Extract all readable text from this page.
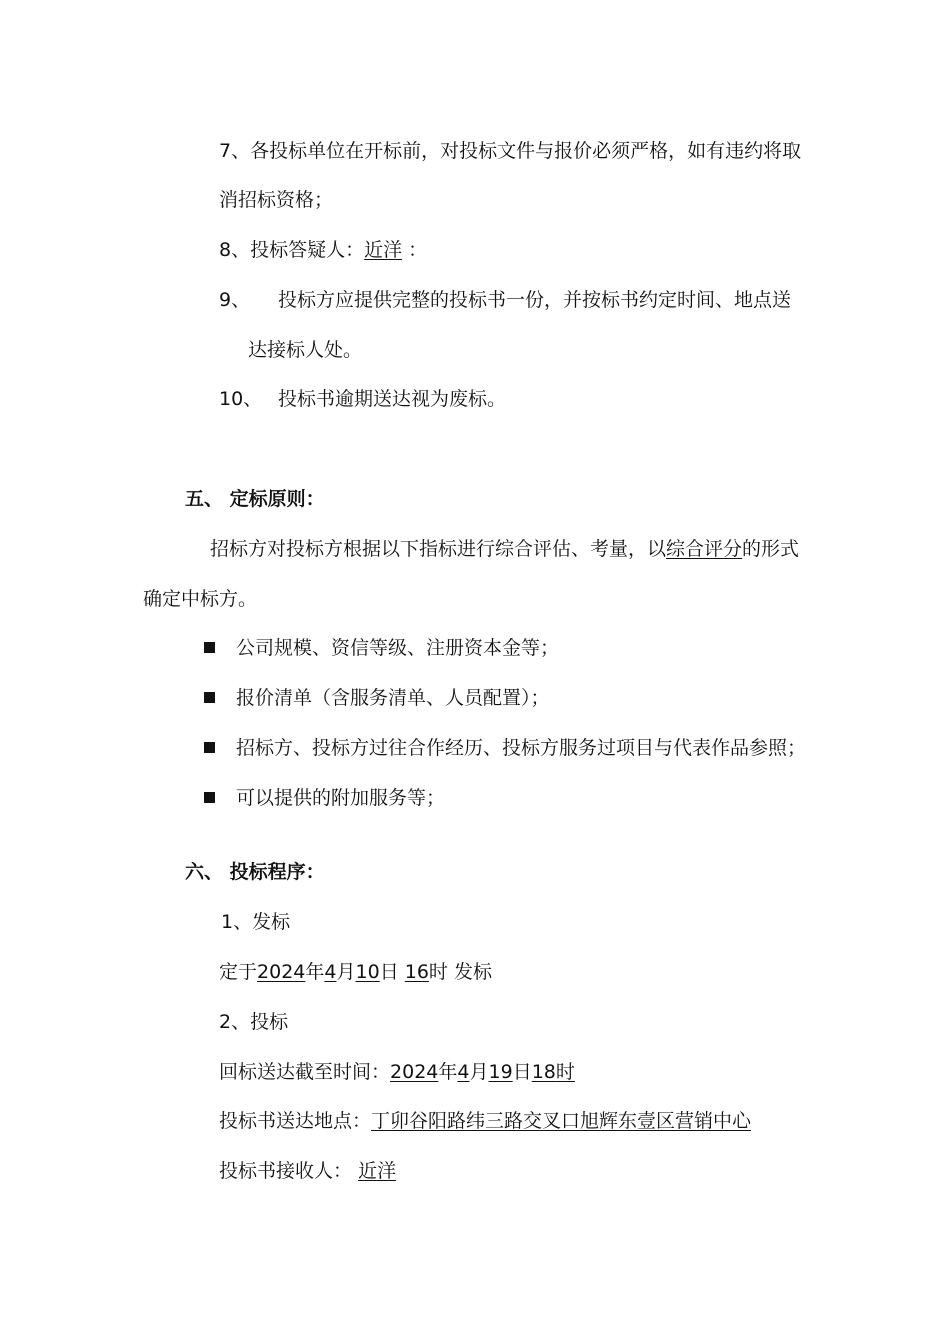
7、各投标单位在开标前，对投标文件与报价必须严格，如有违约将取
消招标资格；
8、投标答疑人：近洋 ：
9、 投标方应提供完整的投标书一份，并按标书约定时间、地点送
达接标人处。
10、 投标书逾期送达视为废标。
五、 定标原则：
招标方对投标方根据以下指标进行综合评估、考量，以综合评分的形式
确定中标方。
公司规模、资信等级、注册资本金等；
报价清单（含服务清单、人员配置）；
招标方、投标方过往合作经历、投标方服务过项目与代表作品参照；
可以提供的附加服务等；
六、 投标程序：
1、发标
定于2024年4月10日 16时 发标
2、投标
回标送达截至时间：2024年4月19日18时
投标书送达地点：丁卯谷阳路纬三路交叉口旭辉东壹区营销中心
投标书接收人： 近洋
